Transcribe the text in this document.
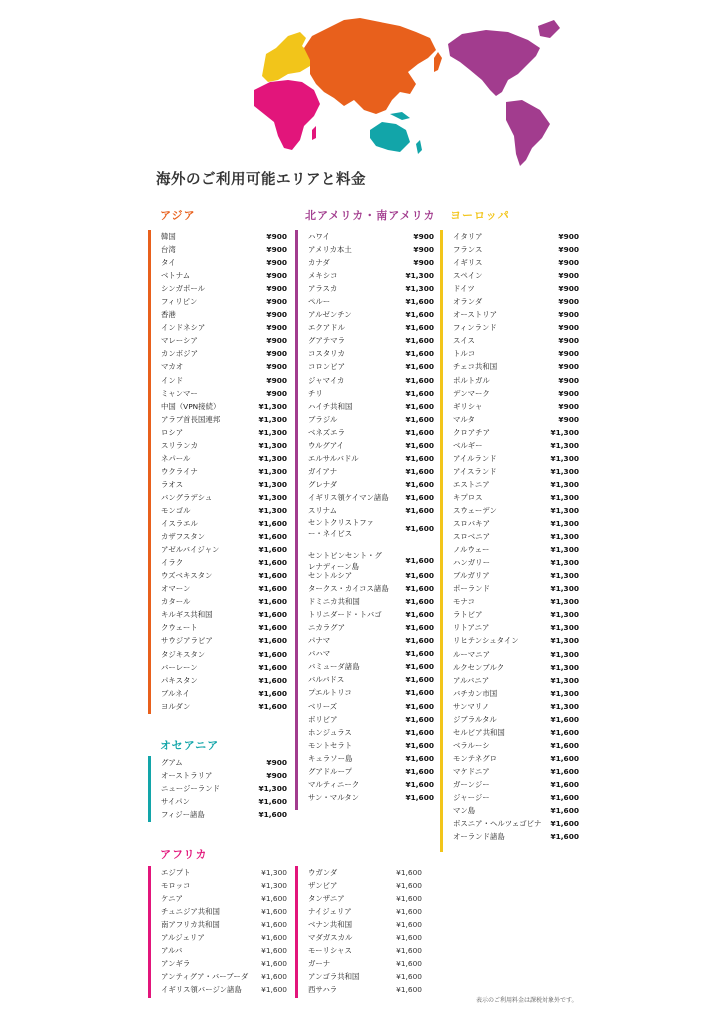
海外のご利用可能エリアと料金
アジア	北アメリカ・南アメリカ ヨーロッパ
オセアニア
アフリカ
韓国	¥900
台湾	¥900
タイ	¥900
ベトナム	¥900
シンガポール	¥900
フィリピン	¥900
香港	¥900
インドネシア	¥900
マレーシア	¥900
カンボジア	¥900
マカオ	¥900
インド	¥900
ミャンマー	¥900
中国（VPN接続）	¥1,300
アラブ首長国連邦	¥1,300
ロシア	¥1,300
スリランカ	¥1,300
ネパール	¥1,300
ウクライナ	¥1,300
ラオス	¥1,300
バングラデシュ	¥1,300
モンゴル	¥1,300
イスラエル	¥1,600
カザフスタン	¥1,600
アゼルバイジャン	¥1,600
イラク	¥1,600
ウズベキスタン	¥1,600
オマーン	¥1,600
カタール	¥1,600
キルギス共和国	¥1,600
クウェート	¥1,600
サウジアラビア	¥1,600
タジキスタン	¥1,600
バーレーン	¥1,600
パキスタン	¥1,600
ブルネイ	¥1,600
ヨルダン	¥1,600
グアム	¥900
オーストラリア	¥900
ニュージーランド	¥1,300
サイパン	¥1,600
フィジー諸島	¥1,600
ハワイ	¥900
アメリカ本土	¥900
カナダ	¥900
メキシコ	¥1,300
アラスカ	¥1,300
ペルー	¥1,600
アルゼンチン	¥1,600
エクアドル	¥1,600
グアテマラ	¥1,600
コスタリカ	¥1,600
コロンビア	¥1,600
ジャマイカ	¥1,600
チリ	¥1,600
ハイチ共和国	¥1,600
ブラジル	¥1,600
ベネズエラ	¥1,600
ウルグアイ	¥1,600
エルサルバドル	¥1,600
ガイアナ	¥1,600
グレナダ	¥1,600
イギリス領ケイマン諸島 ¥1,600
スリナム	¥1,600
セントクリストファー・ネイビス	¥1,600
セントビンセント・グレナディーン島
¥1,600
セントルシア	¥1,600
タークス・カイコス諸島 ¥1,600
ドミニカ共和国	¥1,600
トリニダード・トバゴ	¥1,600
ニカラグア	¥1,600
パナマ	¥1,600
バハマ	¥1,600
バミューダ諸島	¥1,600
バルバドス	¥1,600
プエルトリコ	¥1,600
ベリーズ	¥1,600
ボリビア	¥1,600
ホンジュラス	¥1,600
モントセラト	¥1,600
キュラソー島	¥1,600
グアドループ	¥1,600
マルティニーク	¥1,600
サン・マルタン	¥1,600
イタリア	¥900
フランス	¥900
イギリス	¥900
スペイン	¥900
ドイツ	¥900
オランダ	¥900
オーストリア	¥900
フィンランド	¥900
スイス	¥900
トルコ	¥900
チェコ共和国	¥900
ポルトガル	¥900
デンマーク	¥900
ギリシャ	¥900
マルタ	¥900
クロアチア	¥1,300
ベルギー	¥1,300
アイルランド	¥1,300
アイスランド	¥1,300
エストニア	¥1,300
キプロス	¥1,300
スウェーデン	¥1,300
スロバキア	¥1,300
スロベニア	¥1,300
ノルウェー	¥1,300
ハンガリー	¥1,300
ブルガリア	¥1,300
ポーランド	¥1,300
モナコ	¥1,300
ラトビア	¥1,300
リトアニア	¥1,300
リヒテンシュタイン	¥1,300
ルーマニア	¥1,300
ルクセンブルク	¥1,300
アルバニア	¥1,300
バチカン市国	¥1,300
サンマリノ	¥1,300
ジブラルタル	¥1,600
セルビア共和国	¥1,600
ベラルーシ	¥1,600
モンテネグロ	¥1,600
マケドニア	¥1,600
ガーンジー	¥1,600
ジャージー	¥1,600
マン島	¥1,600
ボスニア・ヘルツェゴビナ ¥1,600
オーランド諸島	¥1,600
エジプト	¥1,300
モロッコ	¥1,300
ケニア	¥1,600
チュニジア共和国	¥1,600
南アフリカ共和国	¥1,600
アルジェリア	¥1,600
アルバ	¥1,600
アンギラ	¥1,600
アンティグア・バーブーダ ¥1,600
イギリス領バージン諸島	¥1,600
ウガンダ	¥1,600
ザンビア	¥1,600
タンザニア	¥1,600
ナイジェリア	¥1,600
ベナン共和国	¥1,600
マダガスカル	¥1,600
モーリシャス	¥1,600
ガーナ	¥1,600
アンゴラ共和国	¥1,600
西サハラ	¥1,600
表示のご利用料金は課税対象外です。
